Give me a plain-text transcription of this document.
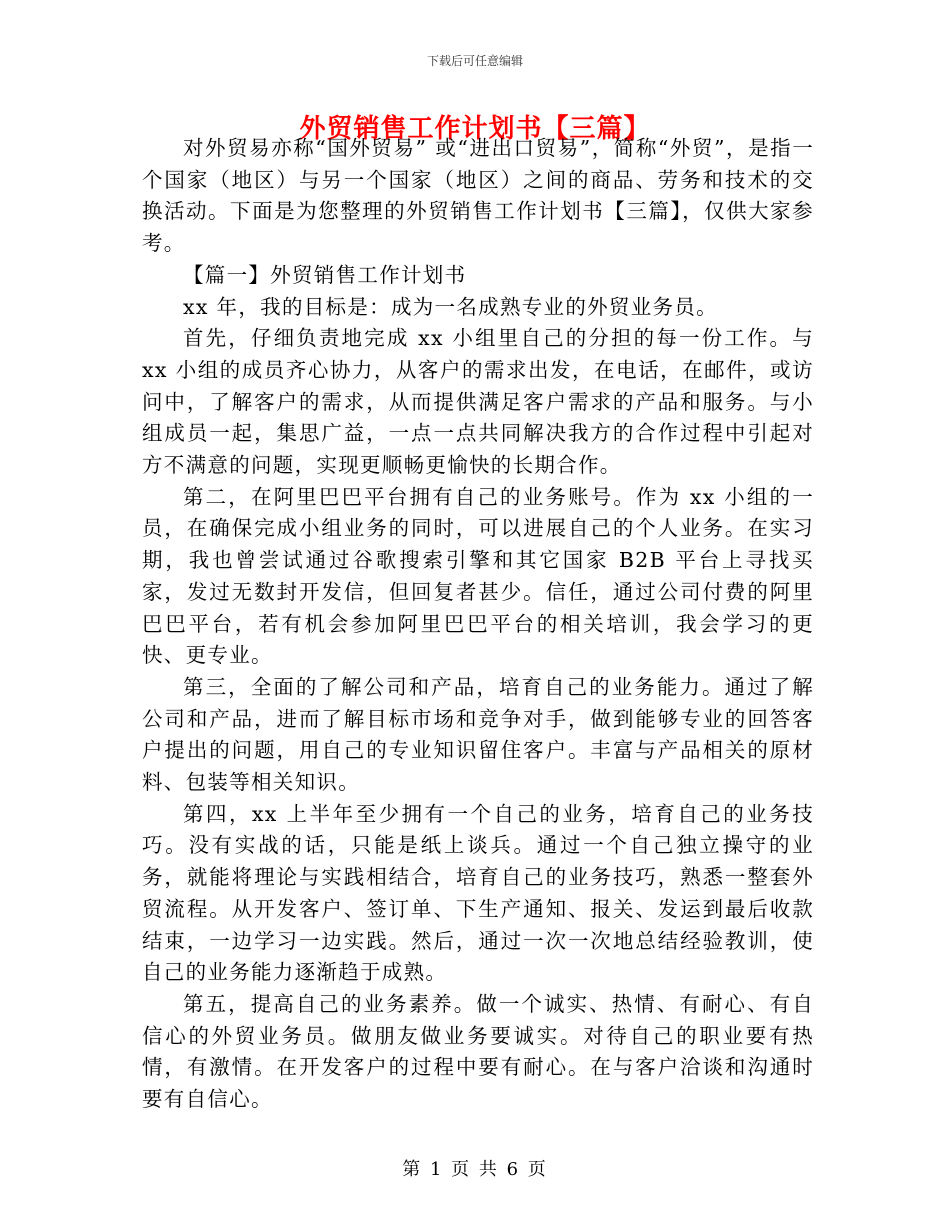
下载后可任意编辑
外贸销售工作计划书【三篇】

对外贸易亦称“国外贸易” 或“进出口贸易”，简称“外贸”，是指一个国家（地区）与另一个国家（地区）之间的商品、劳务和技术的交换活动。下面是为您整理的外贸销售工作计划书【三篇】，仅供大家参考。

【篇一】外贸销售工作计划书

xx 年，我的目标是：成为一名成熟专业的外贸业务员。

首先，仔细负责地完成 xx 小组里自己的分担的每一份工作。与 xx 小组的成员齐心协力，从客户的需求出发，在电话，在邮件，或访问中，了解客户的需求，从而提供满足客户需求的产品和服务。与小组成员一起，集思广益，一点一点共同解决我方的合作过程中引起对方不满意的问题，实现更顺畅更愉快的长期合作。

第二，在阿里巴巴平台拥有自己的业务账号。作为 xx 小组的一员，在确保完成小组业务的同时，可以进展自己的个人业务。在实习期，我也曾尝试通过谷歌搜索引擎和其它国家 B2B 平台上寻找买家，发过无数封开发信，但回复者甚少。信任，通过公司付费的阿里巴巴平台，若有机会参加阿里巴巴平台的相关培训，我会学习的更快、更专业。

第三，全面的了解公司和产品，培育自己的业务能力。通过了解公司和产品，进而了解目标市场和竞争对手，做到能够专业的回答客户提出的问题，用自己的专业知识留住客户。丰富与产品相关的原材料、包装等相关知识。

第四，xx 上半年至少拥有一个自己的业务，培育自己的业务技巧。没有实战的话，只能是纸上谈兵。通过一个自己独立操守的业务，就能将理论与实践相结合，培育自己的业务技巧，熟悉一整套外贸流程。从开发客户、签订单、下生产通知、报关、发运到最后收款结束，一边学习一边实践。然后，通过一次一次地总结经验教训，使自己的业务能力逐渐趋于成熟。

第五，提高自己的业务素养。做一个诚实、热情、有耐心、有自信心的外贸业务员。做朋友做业务要诚实。对待自己的职业要有热情，有激情。在开发客户的过程中要有耐心。在与客户洽谈和沟通时要有自信心。

第 1 页 共 6 页
